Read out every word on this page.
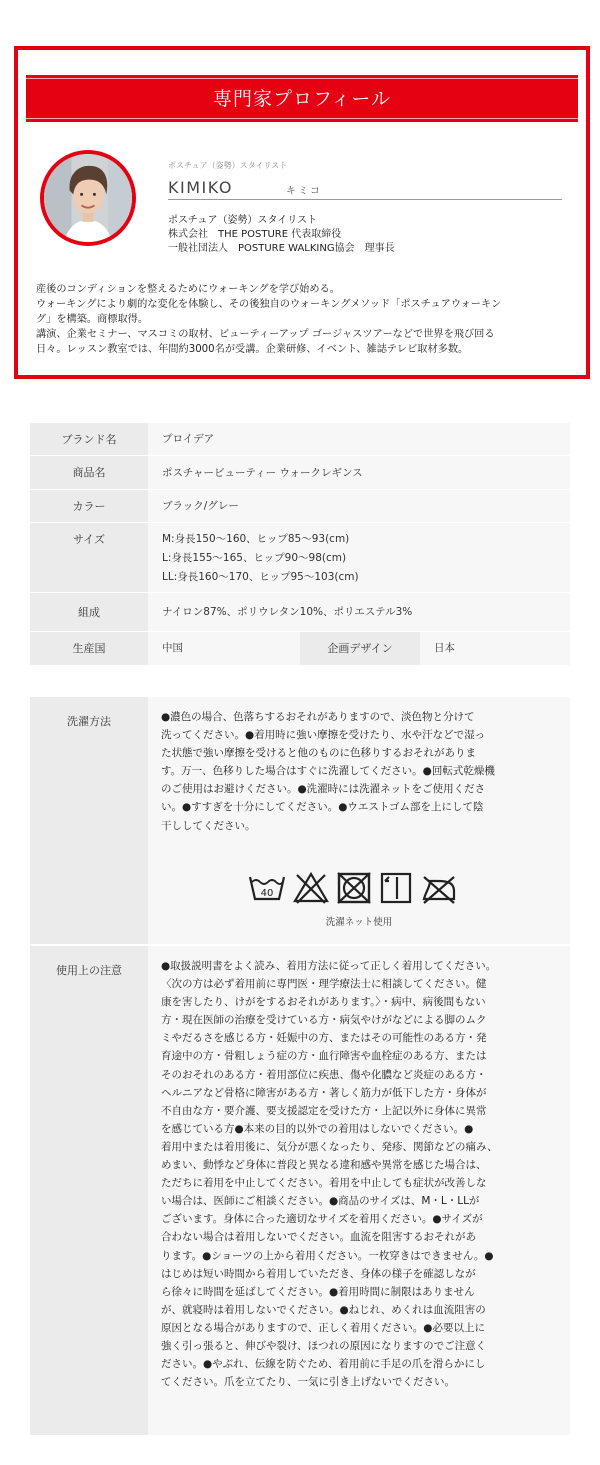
専門家プロフィール
ポスチュア（姿勢）スタイリスト
KIMIKO	キミコ
ポスチュア（姿勢）スタイリスト
株式会社　THE POSTURE 代表取締役
一般社団法人　POSTURE WALKING協会　理事長
産後のコンディションを整えるためにウォーキングを学び始める。
ウォーキングにより劇的な変化を体験し、その後独自のウォーキングメソッド「ポスチュアウォーキン
グ」を構築。商標取得。
講演、企業セミナー、マスコミの取材、ビューティーアップ ゴージャスツアーなどで世界を飛び回る
日々。レッスン教室では、年間約3000名が受講。企業研修、イベント、雑誌テレビ取材多数。
ブランド名	プロイデア
商品名	ポスチャービューティー ウォークレギンス
カラー	ブラック/グレー
サイズ	M:身長150〜160、ヒップ85〜93(cm)
L:身長155〜165、ヒップ90〜98(cm)
LL:身長160〜170、ヒップ95〜103(cm)
組成	ナイロン87%、ポリウレタン10%、ポリエステル3%
生産国	中国	企画デザイン	日本
洗濯方法	●濃色の場合、色落ちするおそれがありますので、淡色物と分けて
洗ってください。●着用時に強い摩擦を受けたり、水や汗などで湿っ
た状態で強い摩擦を受けると他のものに色移りするおそれがありま
す。万一、色移りした場合はすぐに洗濯してください。●回転式乾燥機
のご使用はお避けください。●洗濯時には洗濯ネットをご使用くださ
い。●すすぎを十分にしてください。●ウエストゴム部を上にして陰
干ししてください。
40
洗濯ネット使用
使用上の注意	●取扱説明書をよく読み、着用方法に従って正しく着用してください。
〈次の方は必ず着用前に専門医・理学療法士に相談してください。健
康を害したり、けがをするおそれがあります。〉・病中、病後間もない
方・現在医師の治療を受けている方・病気やけがなどによる脚のムク
ミやだるさを感じる方・妊娠中の方、またはその可能性のある方・発
育途中の方・骨粗しょう症の方・血行障害や血栓症のある方、または
そのおそれのある方・着用部位に疾患、傷や化膿など炎症のある方・
ヘルニアなど骨格に障害がある方・著しく筋力が低下した方・身体が
不自由な方・要介護、要支援認定を受けた方・上記以外に身体に異常
を感じている方●本来の目的以外での着用はしないでください。●
着用中または着用後に、気分が悪くなったり、発疹、関節などの痛み、
めまい、動悸など身体に普段と異なる違和感や異常を感じた場合は、
ただちに着用を中止してください。着用を中止しても症状が改善しな
い場合は、医師にご相談ください。●商品のサイズは、M・L・LLが
ございます。身体に合った適切なサイズを着用ください。●サイズが
合わない場合は着用しないでください。血流を阻害するおそれがあ
ります。●ショーツの上から着用ください。一枚穿きはできません。●
はじめは短い時間から着用していただき、身体の様子を確認しなが
ら徐々に時間を延ばしてください。●着用時間に制限はありません
が、就寝時は着用しないでください。●ねじれ、めくれは血流阻害の
原因となる場合がありますので、正しく着用ください。●必要以上に
強く引っ張ると、伸びや裂け、ほつれの原因になりますのでご注意く
ださい。●やぶれ、伝線を防ぐため、着用前に手足の爪を滑らかにし
てください。爪を立てたり、一気に引き上げないでください。
